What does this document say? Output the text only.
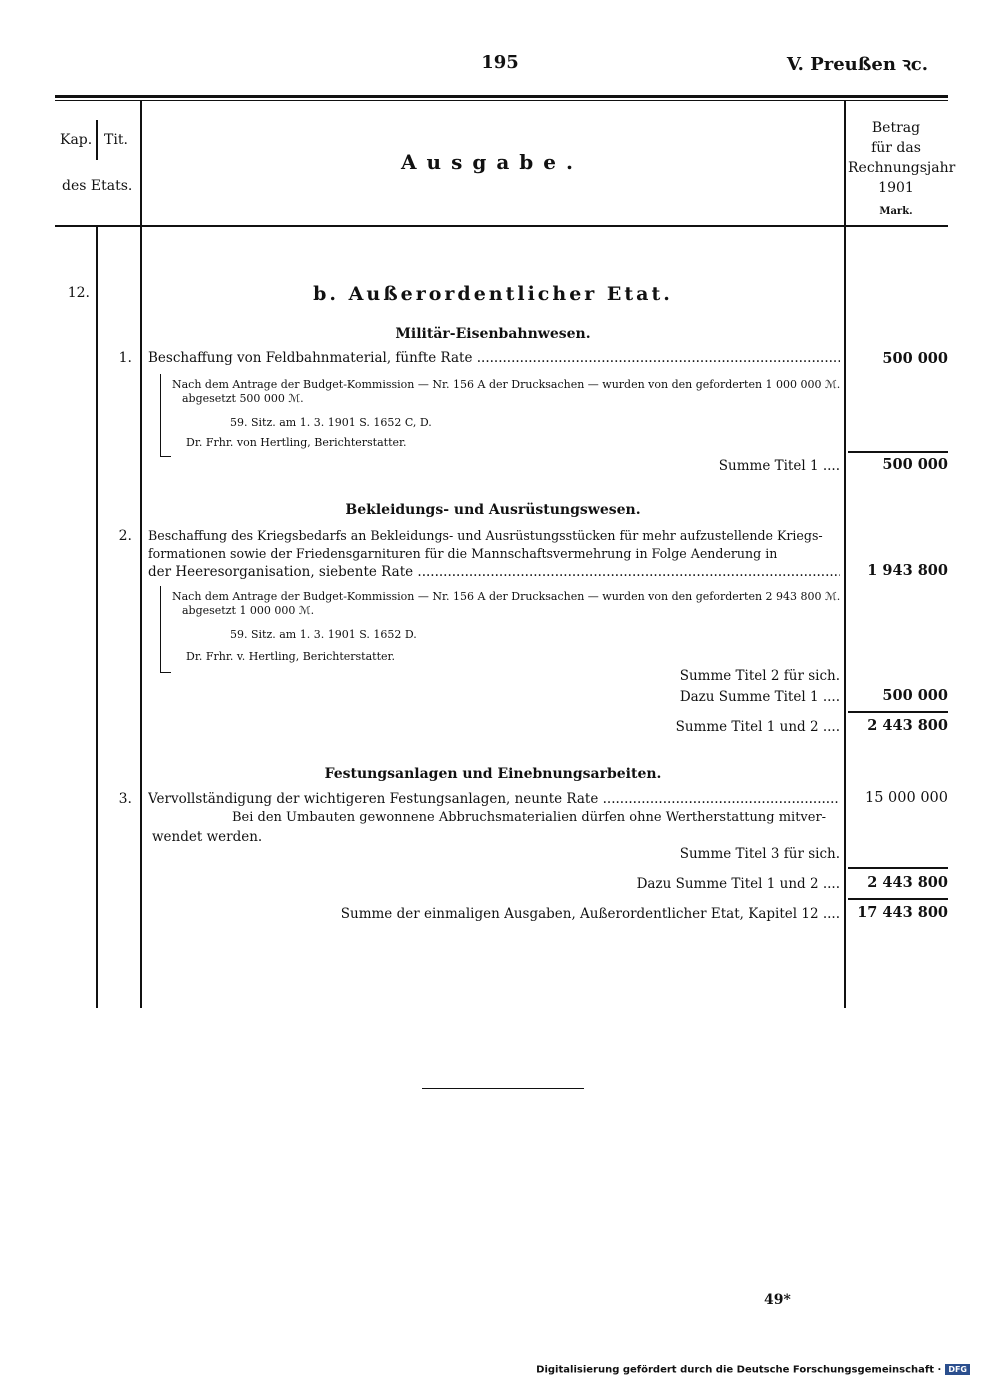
195	V. Preußen ꝛc.
Kap. Tit.
des Etats.
Ausgabe.
Betrag
für das
Rechnungsjahr
1901
Mark.
12.	b. Außerordentlicher Etat.
Militär-Eisenbahnwesen.
1. Beschaffung von Feldbahnmaterial, fünfte Rate .....	500 000
Nach dem Antrage der Budget-Kommission — Nr. 156 A der Drucksachen — wurden von den geforderten 1 000 000 ℳ.
abgesetzt 500 000 ℳ.
59. Sitz. am 1. 3. 1901 S. 1652 C, D.
Dr. Frhr. von Hertling, Berichterstatter.
Summe Titel 1 ....	500 000
Bekleidungs- und Ausrüstungswesen.
2. Beschaffung des Kriegsbedarfs an Bekleidungs- und Ausrüstungsstücken für mehr aufzustellende Kriegs-
formationen sowie der Friedensgarnituren für die Mannschaftsvermehrung in Folge Aenderung in
der Heeresorganisation, siebente Rate .....	1 943 800
Nach dem Antrage der Budget-Kommission — Nr. 156 A der Drucksachen — wurden von den geforderten 2 943 800 ℳ.
abgesetzt 1 000 000 ℳ.
59. Sitz. am 1. 3. 1901 S. 1652 D.
Dr. Frhr. v. Hertling, Berichterstatter.
Summe Titel 2 für sich.
Dazu Summe Titel 1 ....	500 000
Summe Titel 1 und 2 ....	2 443 800
Festungsanlagen und Einebnungsarbeiten.
3. Vervollständigung der wichtigeren Festungsanlagen, neunte Rate .....	15 000 000
Bei den Umbauten gewonnene Abbruchsmaterialien dürfen ohne Wertherstattung mitver-
wendet werden.
Summe Titel 3 für sich.
Dazu Summe Titel 1 und 2 ....	2 443 800
Summe der einmaligen Ausgaben, Außerordentlicher Etat, Kapitel 12 ....	17 443 800
49*
Digitalisierung gefördert durch die Deutsche Forschungsgemeinschaft · DFG
